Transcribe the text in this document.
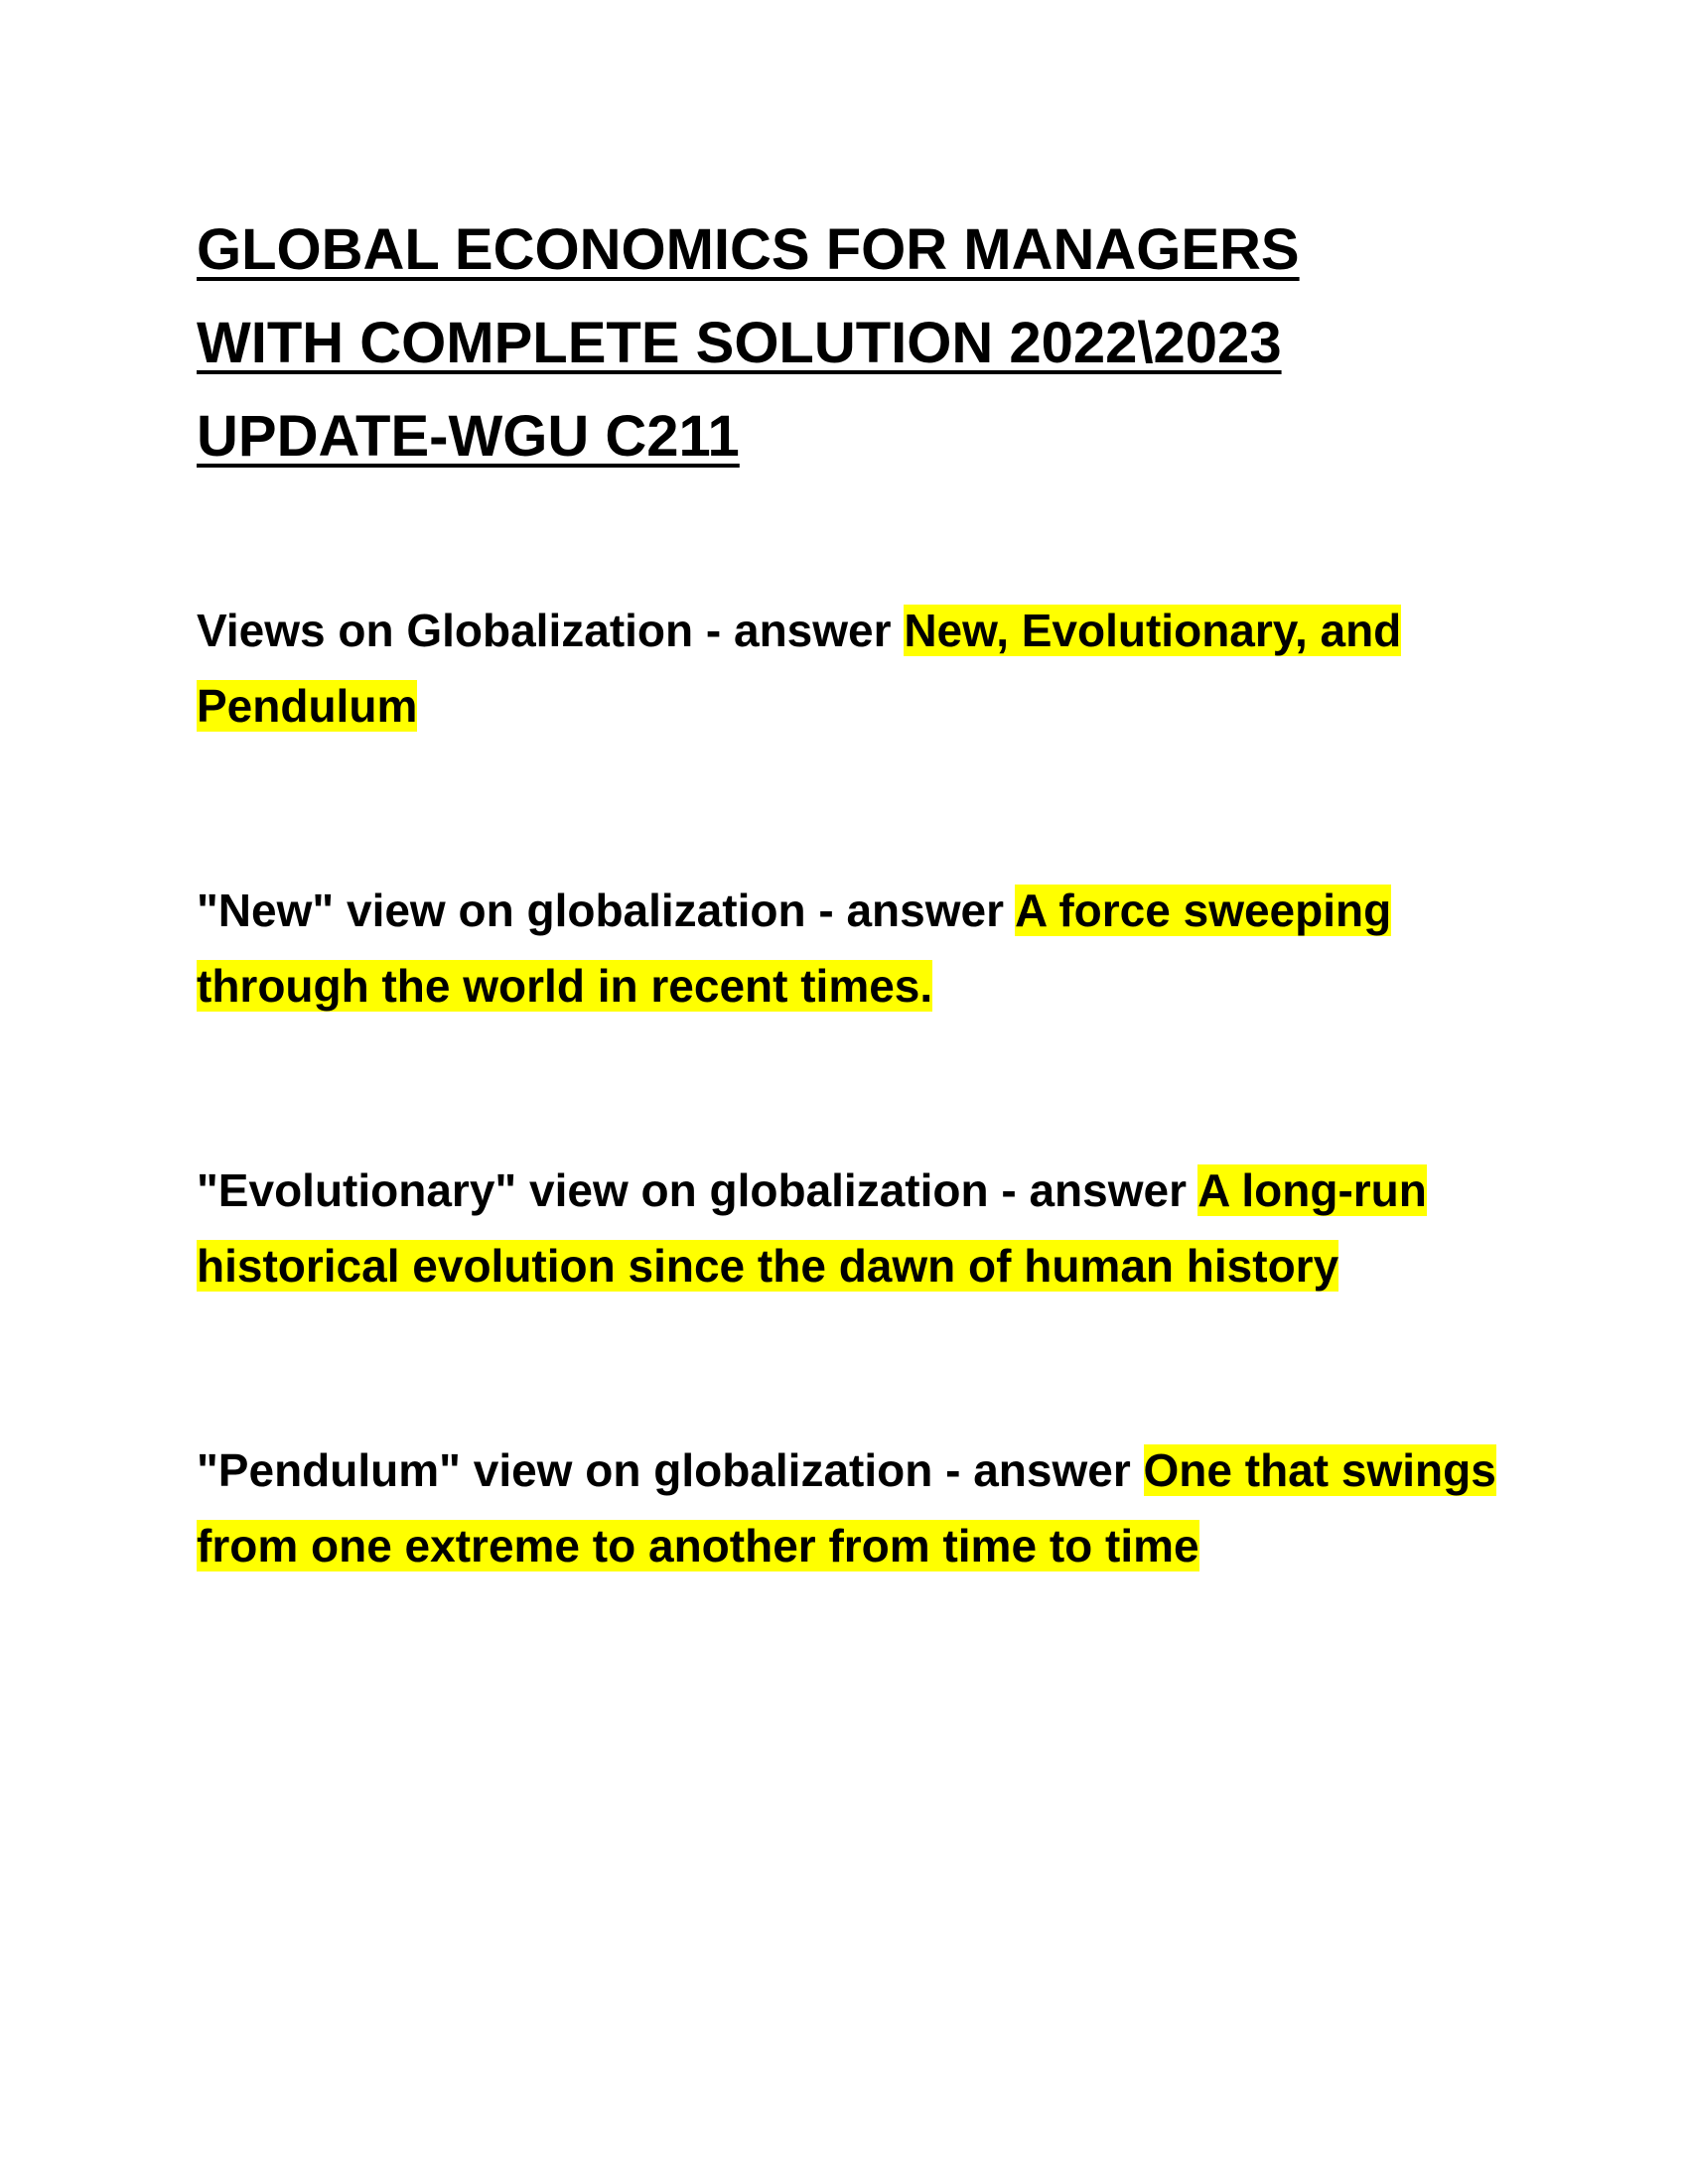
GLOBAL ECONOMICS FOR MANAGERS
WITH COMPLETE SOLUTION 2022\2023
UPDATE-WGU C211

Views on Globalization - answer New, Evolutionary, and Pendulum

"New" view on globalization - answer A force sweeping through the world in recent times.

"Evolutionary" view on globalization - answer A long-run historical evolution since the dawn of human history

"Pendulum" view on globalization - answer One that swings from one extreme to another from time to time
